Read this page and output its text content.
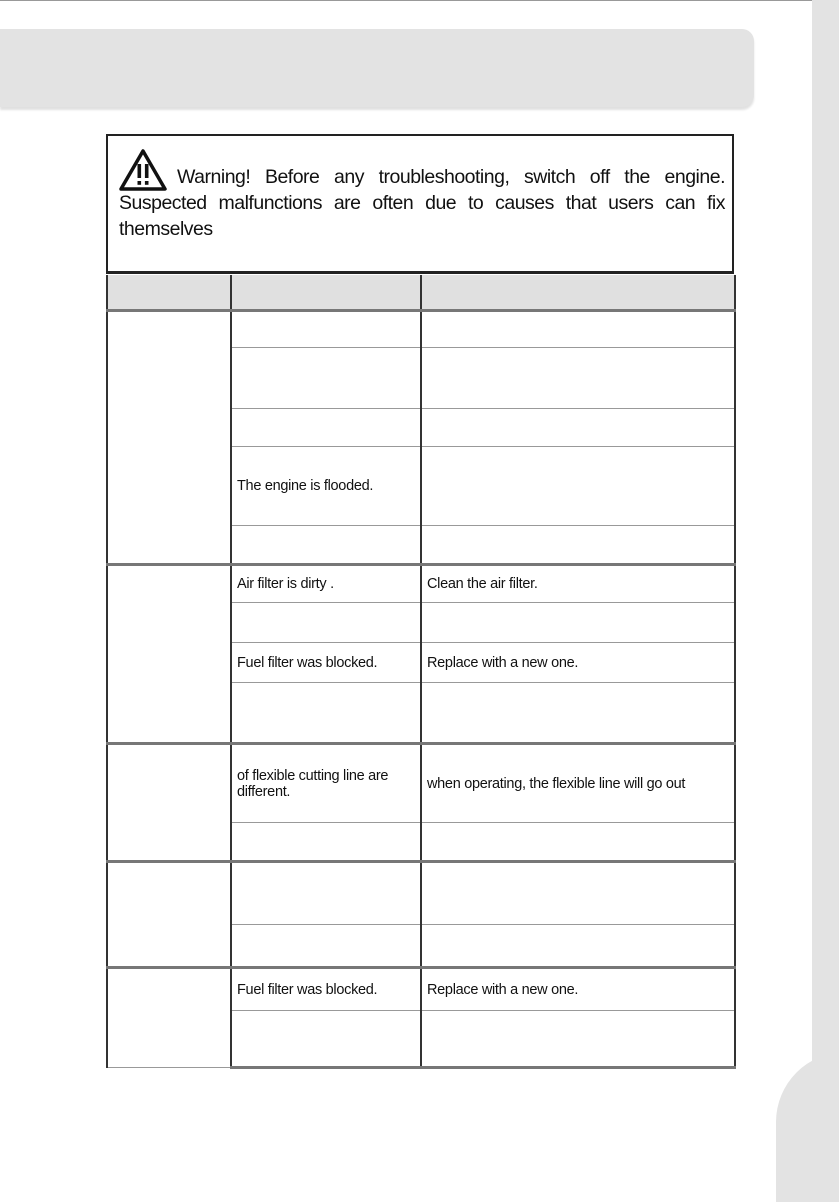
Warning! Before any troubleshooting, switch off the engine. Suspected malfunctions are often due to causes that users can fix themselves

	The engine is flooded.	

	Air filter is dirty .	Clean the air filter.

	Fuel filter was blocked.	Replace with a new one.

	of flexible cutting line are different.	when operating, the flexible line will go out

	Fuel filter was blocked.	Replace with a new one.
